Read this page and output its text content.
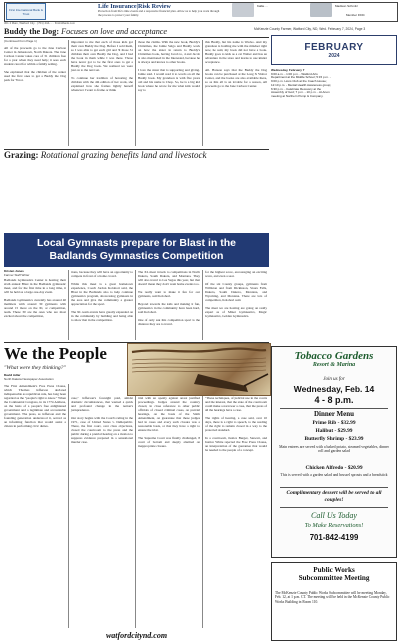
First International Bank & Trust
Life Insurance|Risk Review
Protection from life's time events and a responsive financial plan. Allow us to help you work through the process to protect your family.
Kallie ...	Madison Schmitz
Member FDIC
301 4 Main, Watford City · (701) 444-... · firstintlbank.com
Buddy the Dog: Focuses on love and acceptance	McKenzie County Farmer, Watford City, ND, Wed. February 7, 2024, Page 3
(Continued from Page 1)
All of the proceeds go to the Jane Carlson Center in Jamestown, North Dakota. The Jane Carlson Center takes care of 31 children free for a year when they need help; it sees each student cared for within a family setting.

She explained that the children of the center used the first ones to get a Buddy the Dog park for '8 not.
important to me that each of those kids got their own Buddy the Dog. Before I sold them, so I was able to get each girl and 'It those 31 children their own Buddy the Dog, and I had the book in them while I was there. Those have never got to be the first ones to get a Buddy the Dog book. We realized we were just on to the next set.

To continue her tradition of honoring the children with the 4th edition of her work, she explained how she frames lightly herself whenever I want to frame or think
those the claims. With the new book, Buddy's Christmas, the Jamie Salgo and Buddy work on how the sister in return to Buddy's Christmas book, having Jacob to, 4 and Jacob is also mentioned in the Interested, because he is always and knows to other books.

I love the sister that is supporting and giving. Jamie said. I would read it to words on all the Buddy book. My grandson is with five years old and his name is Chop. So, he is a big kid book where he wrote for me what kids would say to
this Buddy, but his name is Wacko. And my grandson is holding me with the mindset right now, he said, my book did not have a book. Buddy goes to kids as a cat Walter and has an adventure in the store and learns to use kinder acceptance.

All. Hanson says that the Buddy the Dog books can be purchased at the Long X Visitor Center, and the books are also available there, so as this all is an lovable for a reason, All proceeds go to the Jane Carlson Center.
FEBRUARY
2024
Wednesday, February 7
9:00 a.m. - 1:00 p.m. - Watford Arts Department at the Middle School; 5:15 p.m. - 9:00 p.m. Lions Club at the Coach House; 12:10 p.m. - Mental Health Awareness group; 6:30 p.m. - Celebrate Recovery at the Assembly of God; 7 p.m. - 10 p.m. - Al-Anon meeting at Northern Pump & Company.
Grazing: Rotational grazing benefits land and livestock
Local Gymnasts prepare for Blast in the
Badlands Gymnastics Competition
Kristen Jones
Farmer Staff Writer
Badlands Gymnastics Center is hosting their sixth annual Blast in the Badlands gymnastic meet, and for the first time in a long time, it will be held as a large one-day event.

Badlands Gymnastics currently has around 40 members with around 30 gymnasts with around 15 more on the Xl, or competition, team. These 30 are the ones who are most excited about the competition,
tions, because they will have an opportunity to compete in front of a home crowd.

While this meet is a great hometown experience, Coach Jordan Kolohori said, the Blast in the Badlands also to help continue gymnastics program, showcasing gymnasts in the area and give the community a greater appreciation for the sport.

The XL team events have greatly expanded on in the community by building and being able to show that in the competition.
The XL meet travels to competitions in North Dakota, South Dakota, and Montana. They will also travel to Las Vegas this year, but that doesn't mean they don't want home events too.

We really want to make it fun for our gymnasts, said Kolohori.

Beyond towards the kids and making it fun, gymnastics in the community have been hard, said Kolohori.

One of only ask this competition sport is the distance they are to travel.
for the highest score, encouraging an exciting wave, and even a seat.

Of the six County groups, gymnasts from Williston and from Dickinson, Sioux Falls, Dakota, South Dakota, Montana, and Wyoming, and Montana. There are lots of competition, Kolohori said.

The meet we are hosting are going on really expert as of Minot Gymnastics, Magic Gymnastics, Golden Gymnastics.
We the People
"What were they thinking?"
David Adler
North Dakota Newspaper Association
The First Amendment's Free Press Clause, which Thomas Jefferson declared indispensable as republican rule, has long been regarded as the "people's right to know." When the Continental Congress, in its 1774 Address, on the basis of a people's free enlightened government and a legitimate and accountable government. The press, as Jefferson and the founding generation understood it, served as an informing function that would assist a citizen in performing civic duties.
case," Jefferson's foresight paid, amidst dramatic circumstances, that warned a quick and profound change in the nation's jurisprudence.

Our story begins with the Court's ruling in the 1971, case of United States v. DeRepublic. There, the first court, over class objections, closed the courtroom to the press and the public during a pretrial hearing on a motion to suppress evidence prepared in a sensational murder case.
trial with an openly against arrest justified proceedings. Judges around the country closed, in close reference to other public officials of closed criminal cases, on pretrial hearings, on the basis of the Sixth Amendment, on guarantee that these judges had in cases and every such closure was a reasonable basis, or that they have a right to ensure the trial.

The Supreme Court was finally challenged, 8 court of bottom and deeply alarmed on inappropriate closure.
"These techniques, of judicial use in the courts and the interest, that the state of the courtroom could make a narrower a case, that the press of all the hearings have a case.

The rights of hearing, a case said, over 10 days, there is a right to speech, to the reading of the right to remain closed in a way to the protected standard.

In a courtroom, Justice Burger, Stewart, and Justice White rejected the Free Press Clause, an interpretation of the guarantee that would be needed to the people of a concept.
Tobacco Gardens
Resort & Marina
Join us for
Wednesday, Feb. 14
4 - 8 p.m.
Dinner Menu
Prime Rib - $32.99
Halibut - $29.99
Butterfly Shrimp - $23.99
Main entrees are served with a baked potato, steamed vegetables, dinner roll and garden salad
Chicken Alfredo - $20.99
This is served with a garden salad and brussel sprouts and a breadstick
Complimentary dessert will be served to all couples!
Call Us Today
To Make Reservations!
701-842-4199
Public Works
Subcommittee Meeting
The McKenzie County Public Works Subcommittee will be meeting Monday, Feb. 12, at 1 p.m. CT. The meeting will be held in the McKenzie County Public Works Building in Room 110.
watfordcitynd.com
